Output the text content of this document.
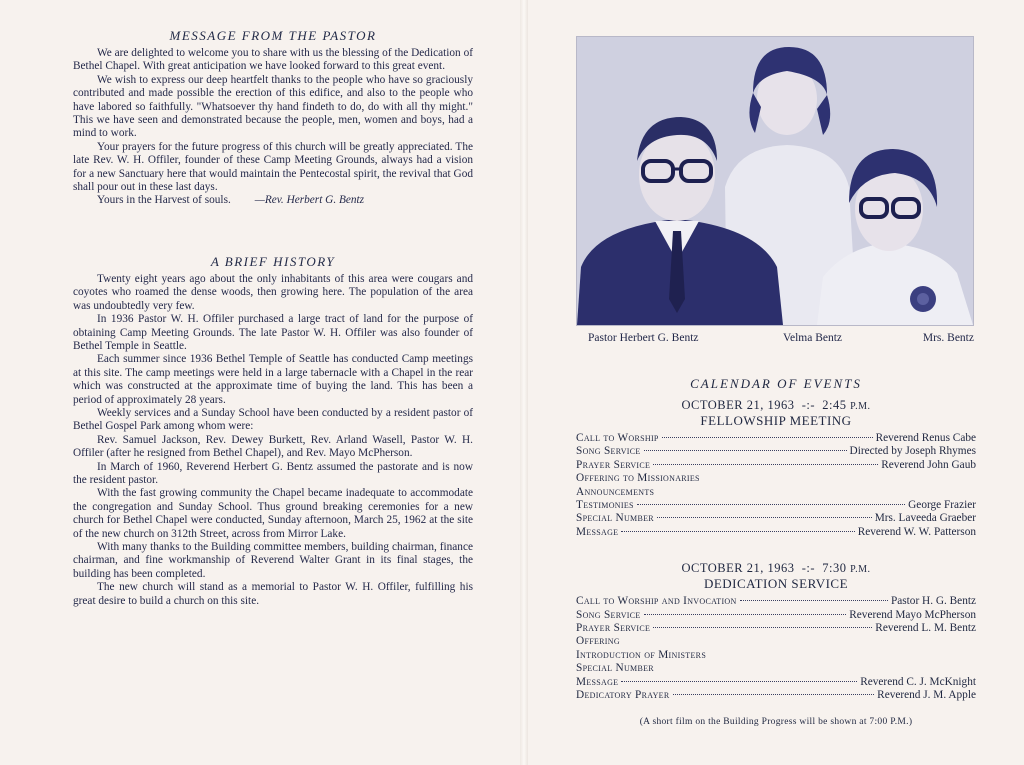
MESSAGE FROM THE PASTOR

We are delighted to welcome you to share with us the blessing of the Dedication of Bethel Chapel. With great anticipation we have looked forward to this great event.

We wish to express our deep heartfelt thanks to the people who have so graciously contributed and made possible the erection of this edifice, and also to the people who have labored so faithfully. "Whatsoever thy hand findeth to do, do with all thy might." This we have seen and demonstrated because the people, men, women and boys, had a mind to work.

Your prayers for the future progress of this church will be greatly appreciated. The late Rev. W. H. Offiler, founder of these Camp Meeting Grounds, always had a vision for a new Sanctuary here that would maintain the Pentecostal spirit, the revival that God shall pour out in these last days.

Yours in the Harvest of souls. —Rev. Herbert G. Bentz

A BRIEF HISTORY

Twenty eight years ago about the only inhabitants of this area were cougars and coyotes who roamed the dense woods, then growing here. The population of the area was undoubtedly very few.

In 1936 Pastor W. H. Offiler purchased a large tract of land for the purpose of obtaining Camp Meeting Grounds. The late Pastor W. H. Offiler was also founder of Bethel Temple in Seattle.

Each summer since 1936 Bethel Temple of Seattle has conducted Camp meetings at this site. The camp meetings were held in a large tabernacle with a Chapel in the rear which was constructed at the approximate time of buying the land. This has been a period of approximately 28 years.

Weekly services and a Sunday School have been conducted by a resident pastor of Bethel Gospel Park among whom were:

Rev. Samuel Jackson, Rev. Dewey Burkett, Rev. Arland Wasell, Pastor W. H. Offiler (after he resigned from Bethel Chapel), and Rev. Mayo McPherson.

In March of 1960, Reverend Herbert G. Bentz assumed the pastorate and is now the resident pastor.

With the fast growing community the Chapel became inadequate to accommodate the congregation and Sunday School. Thus ground breaking ceremonies for a new church for Bethel Chapel were conducted, Sunday afternoon, March 25, 1962 at the site of the new church on 312th Street, across from Mirror Lake.

With many thanks to the Building committee members, building chairman, finance chairman, and fine workmanship of Reverend Walter Grant in its final stages, the building has been completed.

The new church will stand as a memorial to Pastor W. H. Offiler, fulfilling his great desire to build a church on this site.

Pastor Herbert G. Bentz	Velma Bentz	Mrs. Bentz
CALENDAR OF EVENTS
OCTOBER 21, 1963 -:- 2:45 P.M.
FELLOWSHIP MEETING
Call to Worship	Reverend Renus Cabe
Song Service	Directed by Joseph Rhymes
Prayer Service	Reverend John Gaub
Offering to Missionaries
Announcements
Testimonies	George Frazier
Special Number	Mrs. Laveeda Graeber
Message	Reverend W. W. Patterson
OCTOBER 21, 1963 -:- 7:30 P.M.
DEDICATION SERVICE
Call to Worship and Invocation	Pastor H. G. Bentz
Song Service	Reverend Mayo McPherson
Prayer Service	Reverend L. M. Bentz
Offering
Introduction of Ministers
Special Number
Message	Reverend C. J. McKnight
Dedicatory Prayer	Reverend J. M. Apple
(A short film on the Building Progress will be shown at 7:00 P.M.)
